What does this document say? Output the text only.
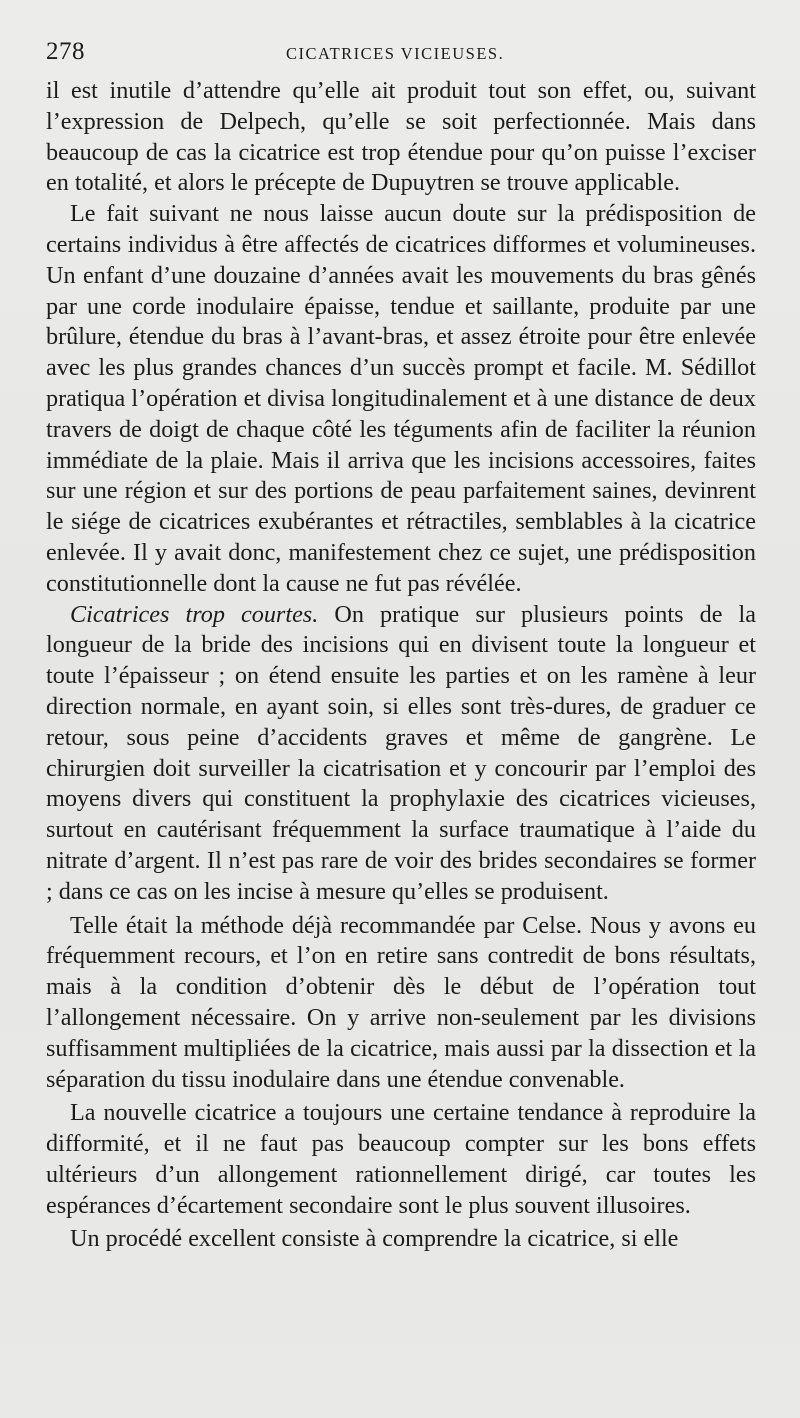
278	CICATRICES VICIEUSES.

il est inutile d’attendre qu’elle ait produit tout son effet, ou, suivant l’expression de Delpech, qu’elle se soit perfectionnée. Mais dans beaucoup de cas la cicatrice est trop étendue pour qu’on puisse l’exciser en totalité, et alors le précepte de Dupuytren se trouve applicable.

Le fait suivant ne nous laisse aucun doute sur la prédisposition de certains individus à être affectés de cicatrices difformes et volumineuses. Un enfant d’une douzaine d’années avait les mouvements du bras gênés par une corde inodulaire épaisse, tendue et saillante, produite par une brûlure, étendue du bras à l’avant-bras, et assez étroite pour être enlevée avec les plus grandes chances d’un succès prompt et facile. M. Sédillot pratiqua l’opération et divisa longitudinalement et à une distance de deux travers de doigt de chaque côté les téguments afin de faciliter la réunion immédiate de la plaie. Mais il arriva que les incisions accessoires, faites sur une région et sur des portions de peau parfaitement saines, devinrent le siége de cicatrices exubérantes et rétractiles, semblables à la cicatrice enlevée. Il y avait donc, manifestement chez ce sujet, une prédisposition constitutionnelle dont la cause ne fut pas révélée.

Cicatrices trop courtes. On pratique sur plusieurs points de la longueur de la bride des incisions qui en divisent toute la longueur et toute l’épaisseur ; on étend ensuite les parties et on les ramène à leur direction normale, en ayant soin, si elles sont très-dures, de graduer ce retour, sous peine d’accidents graves et même de gangrène. Le chirurgien doit surveiller la cicatrisation et y concourir par l’emploi des moyens divers qui constituent la prophylaxie des cicatrices vicieuses, surtout en cautérisant fréquemment la surface traumatique à l’aide du nitrate d’argent. Il n’est pas rare de voir des brides secondaires se former ; dans ce cas on les incise à mesure qu’elles se produisent.

Telle était la méthode déjà recommandée par Celse. Nous y avons eu fréquemment recours, et l’on en retire sans contredit de bons résultats, mais à la condition d’obtenir dès le début de l’opération tout l’allongement nécessaire. On y arrive non-seulement par les divisions suffisamment multipliées de la cicatrice, mais aussi par la dissection et la séparation du tissu inodulaire dans une étendue convenable.

La nouvelle cicatrice a toujours une certaine tendance à reproduire la difformité, et il ne faut pas beaucoup compter sur les bons effets ultérieurs d’un allongement rationnellement dirigé, car toutes les espérances d’écartement secondaire sont le plus souvent illusoires.

Un procédé excellent consiste à comprendre la cicatrice, si elle
